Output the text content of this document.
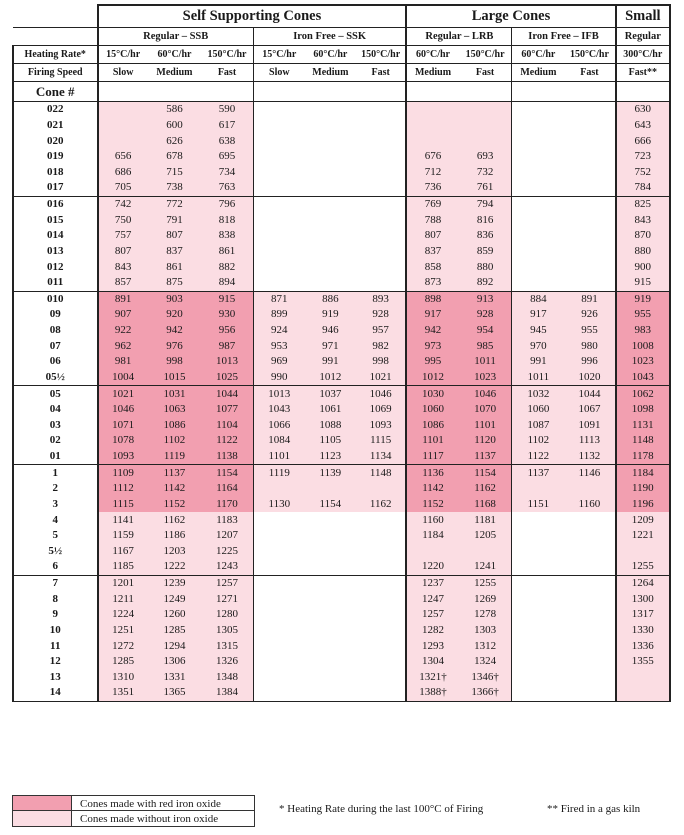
	Self Supporting Cones						Large Cones				Small
	Regular – SSB			Iron Free – SSK			Regular – LRB		Iron Free – IFB		Regular
Heating Rate*	15°C/hr	60°C/hr	150°C/hr	15°C/hr	60°C/hr	150°C/hr	60°C/hr	150°C/hr	60°C/hr	150°C/hr	300°C/hr
Firing Speed	Slow	Medium	Fast	Slow	Medium	Fast	Medium	Fast	Medium	Fast	Fast**
Cone #											
022		586	590								630
021		600	617								643
020		626	638								666
019	656	678	695				676	693			723
018	686	715	734				712	732			752
017	705	738	763				736	761			784
016	742	772	796				769	794			825
015	750	791	818				788	816			843
014	757	807	838				807	836			870
013	807	837	861				837	859			880
012	843	861	882				858	880			900
011	857	875	894				873	892			915
010	891	903	915	871	886	893	898	913	884	891	919
09	907	920	930	899	919	928	917	928	917	926	955
08	922	942	956	924	946	957	942	954	945	955	983
07	962	976	987	953	971	982	973	985	970	980	1008
06	981	998	1013	969	991	998	995	1011	991	996	1023
05½	1004	1015	1025	990	1012	1021	1012	1023	1011	1020	1043
05	1021	1031	1044	1013	1037	1046	1030	1046	1032	1044	1062
04	1046	1063	1077	1043	1061	1069	1060	1070	1060	1067	1098
03	1071	1086	1104	1066	1088	1093	1086	1101	1087	1091	1131
02	1078	1102	1122	1084	1105	1115	1101	1120	1102	1113	1148
01	1093	1119	1138	1101	1123	1134	1117	1137	1122	1132	1178
1	1109	1137	1154	1119	1139	1148	1136	1154	1137	1146	1184
2	1112	1142	1164				1142	1162			1190
3	1115	1152	1170	1130	1154	1162	1152	1168	1151	1160	1196
4	1141	1162	1183				1160	1181			1209
5	1159	1186	1207				1184	1205			1221
5½	1167	1203	1225								
6	1185	1222	1243				1220	1241			1255
7	1201	1239	1257				1237	1255			1264
8	1211	1249	1271				1247	1269			1300
9	1224	1260	1280				1257	1278			1317
10	1251	1285	1305				1282	1303			1330
11	1272	1294	1315				1293	1312			1336
12	1285	1306	1326				1304	1324			1355
13	1310	1331	1348				1321†	1346†			
14	1351	1365	1384				1388†	1366†			
Cones made with red iron oxide
Cones made without iron oxide
* Heating Rate during the last 100°C of Firing	** Fired in a gas kiln
